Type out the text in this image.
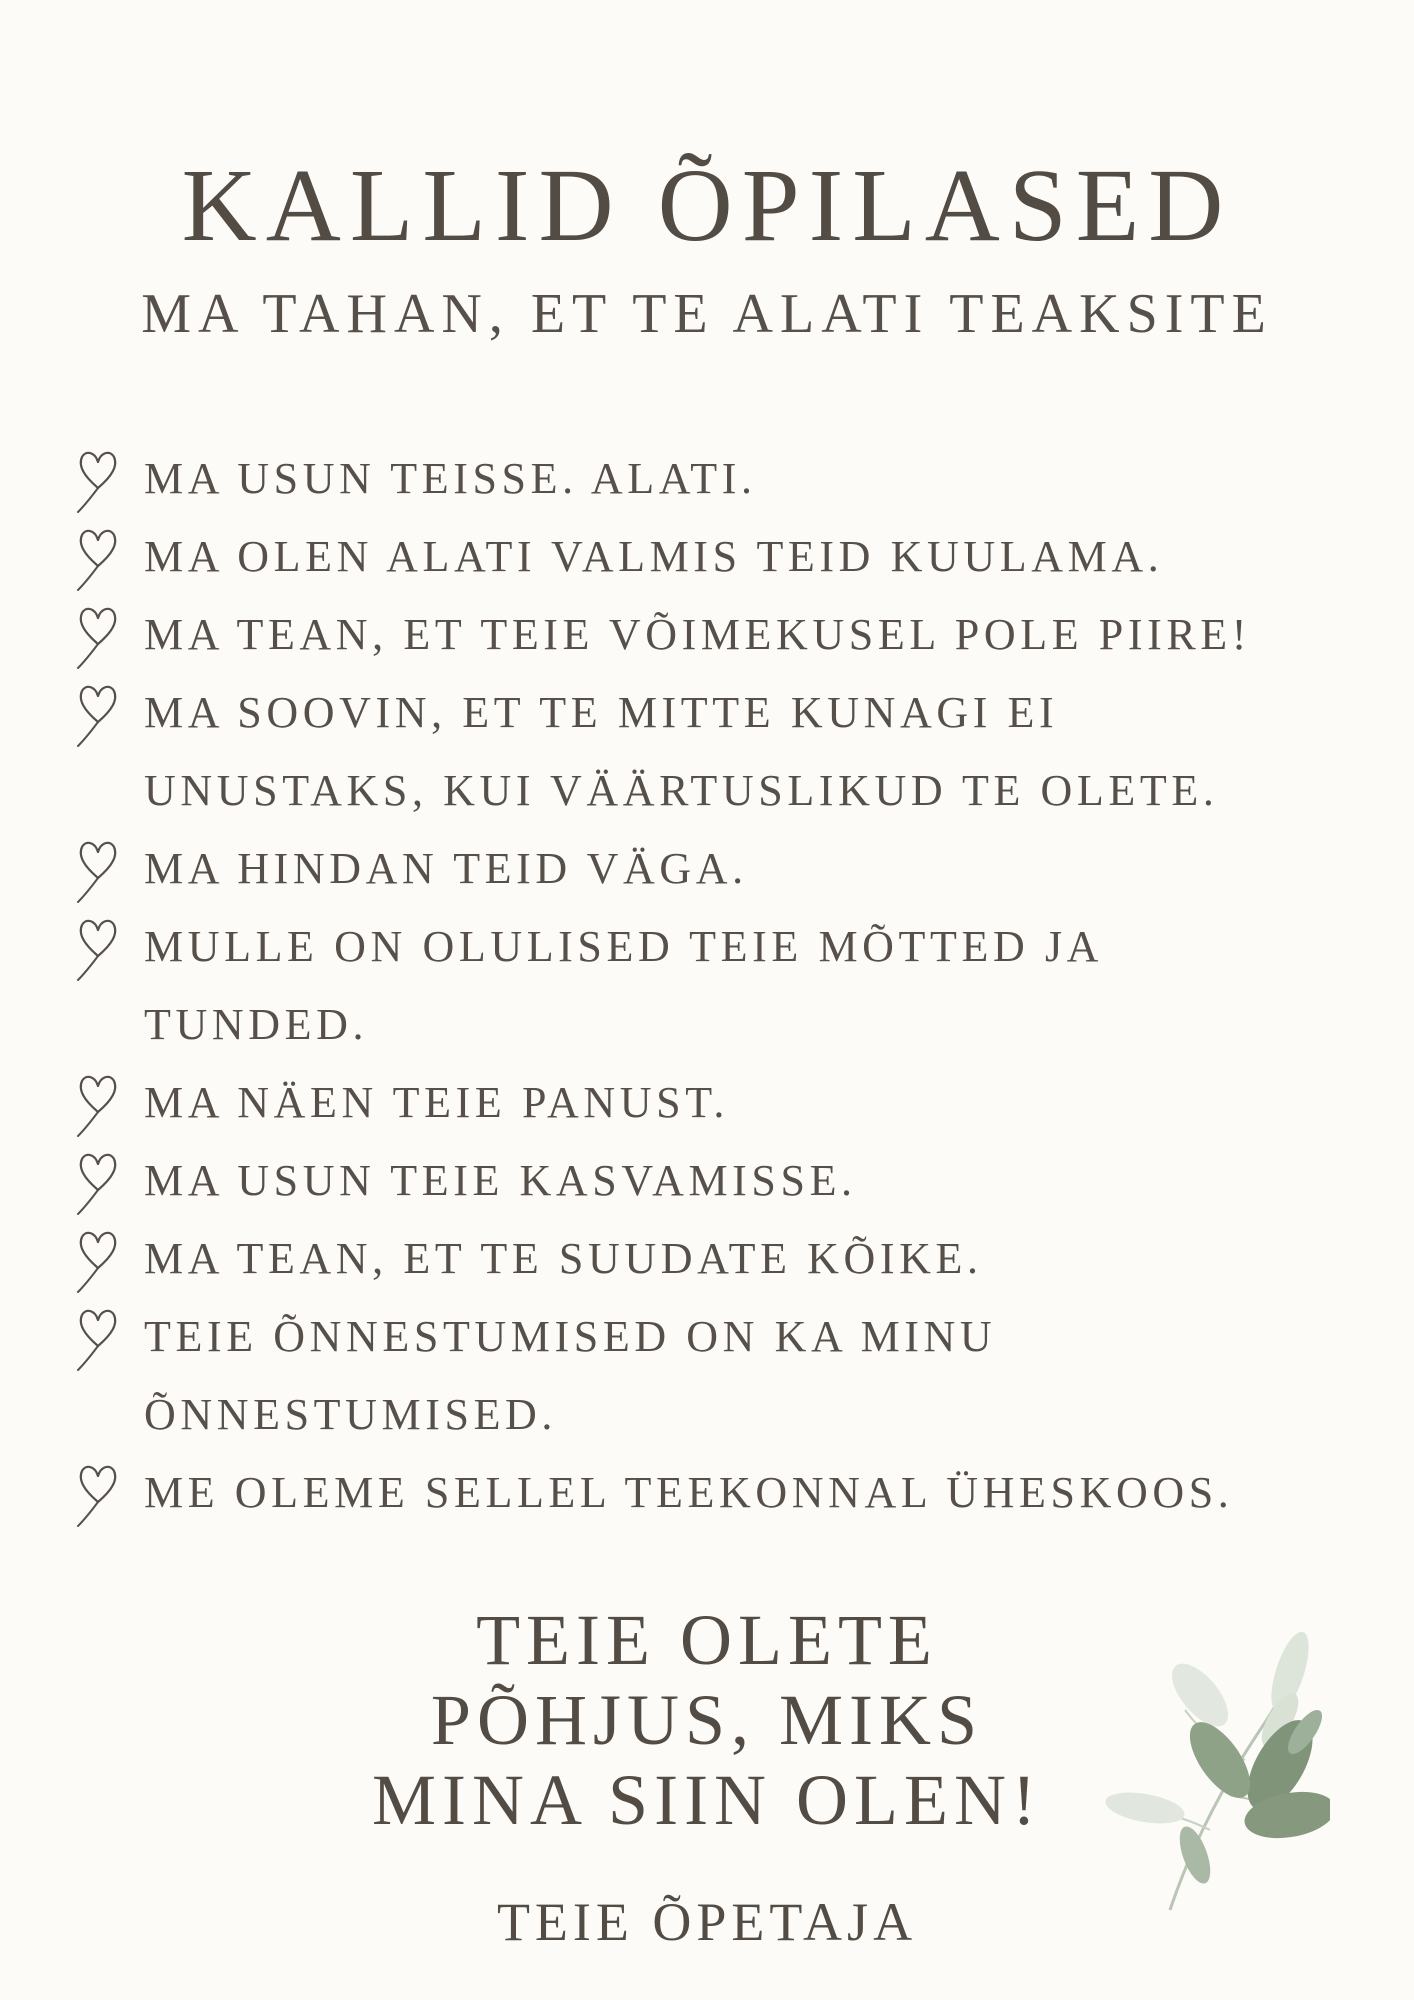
KALLID ÕPILASED
MA TAHAN, ET TE ALATI TEAKSITE
MA USUN TEISSE. ALATI.
MA OLEN ALATI VALMIS TEID KUULAMA.
MA TEAN, ET TEIE VÕIMEKUSEL POLE PIIRE!
MA SOOVIN, ET TE MITTE KUNAGI EI
UNUSTAKS, KUI VÄÄRTUSLIKUD TE OLETE.
MA HINDAN TEID VÄGA.
MULLE ON OLULISED TEIE MÕTTED JA
TUNDED.
MA NÄEN TEIE PANUST.
MA USUN TEIE KASVAMISSE.
MA TEAN, ET TE SUUDATE KÕIKE.
TEIE ÕNNESTUMISED ON KA MINU
ÕNNESTUMISED.
ME OLEME SELLEL TEEKONNAL ÜHESKOOS.
TEIE OLETE
PÕHJUS, MIKS
MINA SIIN OLEN!
TEIE ÕPETAJA
